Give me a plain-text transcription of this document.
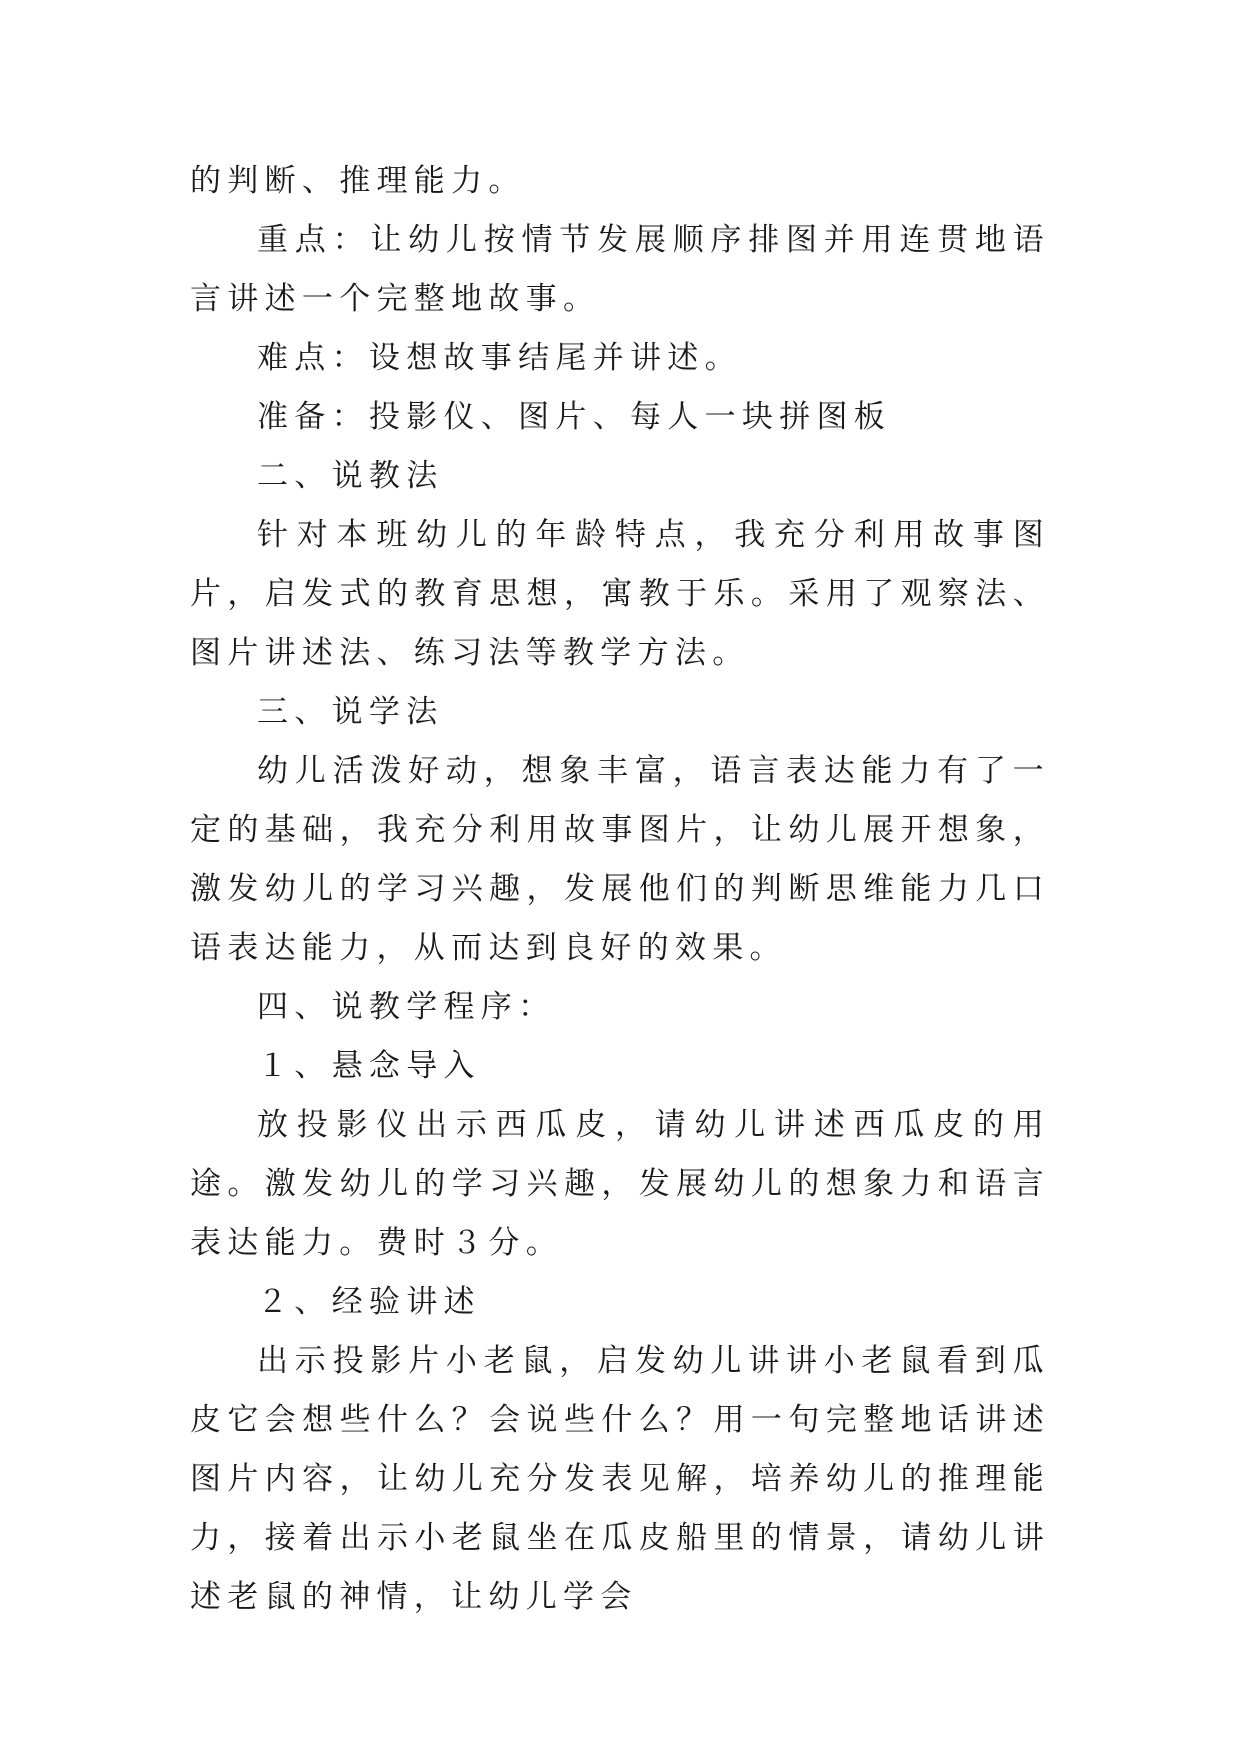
的判断、推理能力。

重点：让幼儿按情节发展顺序排图并用连贯地语言讲述一个完整地故事。

难点：设想故事结尾并讲述。

准备：投影仪、图片、每人一块拼图板

二、说教法

针对本班幼儿的年龄特点，我充分利用故事图片，启发式的教育思想，寓教于乐。采用了观察法、图片讲述法、练习法等教学方法。

三、说学法

幼儿活泼好动，想象丰富，语言表达能力有了一定的基础，我充分利用故事图片，让幼儿展开想象，激发幼儿的学习兴趣，发展他们的判断思维能力几口语表达能力，从而达到良好的效果。

四、说教学程序：

１、悬念导入

放投影仪出示西瓜皮，请幼儿讲述西瓜皮的用途。激发幼儿的学习兴趣，发展幼儿的想象力和语言表达能力。费时３分。

２、经验讲述

出示投影片小老鼠，启发幼儿讲讲小老鼠看到瓜皮它会想些什么？会说些什么？用一句完整地话讲述图片内容，让幼儿充分发表见解，培养幼儿的推理能力，接着出示小老鼠坐在瓜皮船里的情景，请幼儿讲述老鼠的神情，让幼儿学会
